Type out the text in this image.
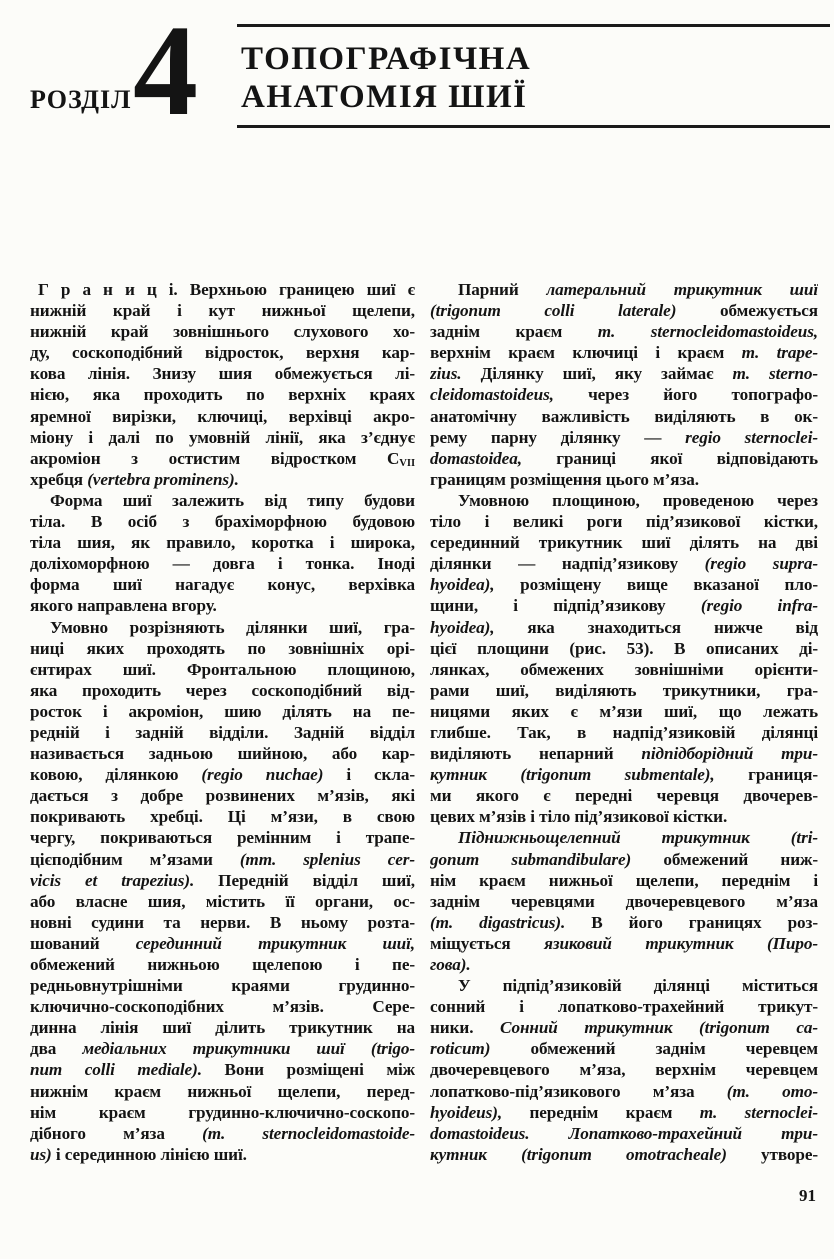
РОЗДІЛ 4 ТОПОГРАФІЧНА
АНАТОМІЯ ШИЇ
Г р а н и ц і. Верхньою границею шиї є
нижній край і кут нижньої щелепи,
нижній край зовнішнього слухового хо-
ду, соскоподібний відросток, верхня кар-
кова лінія. Знизу шия обмежується лі-
нією, яка проходить по верхніх краях
яремної вирізки, ключиці, верхівці акро-
міону і далі по умовній лінії, яка з’єднує
акроміон з остистим відростком CVII
хребця (vertebra prominens).
Форма шиї залежить від типу будови
тіла. В осіб з брахіморфною будовою
тіла шия, як правило, коротка і широка,
доліхоморфною — довга і тонка. Іноді
форма шиї нагадує конус, верхівка
якого направлена вгору.
Умовно розрізняють ділянки шиї, гра-
ниці яких проходять по зовнішніх орі-
єнтирах шиї. Фронтальною площиною,
яка проходить через соскоподібний від-
росток і акроміон, шию ділять на пе-
редній і задній відділи. Задній відділ
називається задньою шийною, або кар-
ковою, ділянкою (regio nuchae) і скла-
дається з добре розвинених м’язів, які
покривають хребці. Ці м’язи, в свою
чергу, покриваються ремінним і трапе-
цієподібним м’язами (mm. splenius cer-
vicis et trapezius). Передній відділ шиї,
або власне шия, містить її органи, ос-
новні судини та нерви. В ньому розта-
шований серединний трикутник шиї,
обмежений нижньою щелепою і пе-
редньовнутрішніми краями грудинно-
ключично-соскоподібних м’язів. Сере-
динна лінія шиї ділить трикутник на
два медіальних трикутники шиї (trigo-
num colli mediale). Вони розміщені між
нижнім краєм нижньої щелепи, перед-
нім краєм грудинно-ключично-соскопо-
дібного м’яза (m. sternocleidomastoide-
us) і серединною лінією шиї.
Парний латеральний трикутник шиї
(trigonum colli laterale) обмежується
заднім краєм m. sternocleidomastoideus,
верхнім краєм ключиці і краєм m. trape-
zius. Ділянку шиї, яку займає m. sterno-
cleidomastoideus, через його топографо-
анатомічну важливість виділяють в ок-
рему парну ділянку — regio sternoclei-
domastoidea, границі якої відповідають
границям розміщення цього м’яза.
Умовною площиною, проведеною через
тіло і великі роги під’язикової кістки,
серединний трикутник шиї ділять на дві
ділянки — надпід’язикову (regio supra-
hyoidea), розміщену вище вказаної пло-
щини, і підпід’язикову (regio infra-
hyoidea), яка знаходиться нижче від
цієї площини (рис. 53). В описаних ді-
лянках, обмежених зовнішніми орієнти-
рами шиї, виділяють трикутники, гра-
ницями яких є м’язи шиї, що лежать
глибше. Так, в надпід’язиковій ділянці
виділяють непарний підпідборідний три-
кутник (trigonum submentale), границя-
ми якого є передні черевця двочерев-
цевих м’язів і тіло під’язикової кістки.
Піднижньощелепний трикутник (tri-
gonum submandibulare) обмежений ниж-
нім краєм нижньої щелепи, переднім і
заднім черевцями двочеревцевого м’яза
(m. digastricus). В його границях роз-
міщується язиковий трикутник (Пиро-
гова).
У підпід’язиковій ділянці міститься
сонний і лопатково-трахейний трикут-
ники. Сонний трикутник (trigonum ca-
roticum) обмежений заднім черевцем
двочеревцевого м’яза, верхнім черевцем
лопатково-під’язикового м’яза (m. omo-
hyoideus), переднім краєм m. sternoclei-
domastoideus. Лопатково-трахейний три-
кутник (trigonum omotracheale) утворе-
91
